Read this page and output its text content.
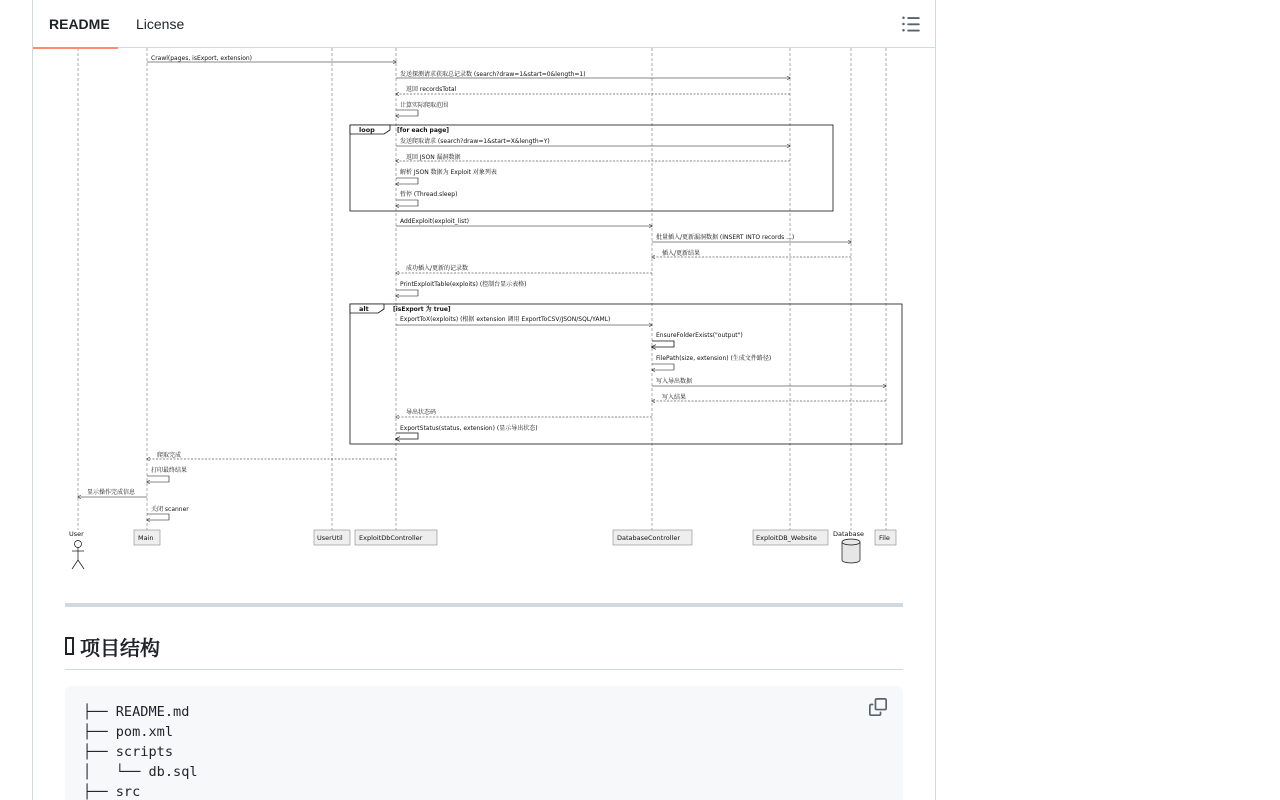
README License
loop	[for each page]
alt	[isExport 为 true]
Crawl(pages, isExport, extension)
发送探测请求获取总记录数 (search?draw=1&start=0&length=1)
返回 recordsTotal
计算实际爬取范围
发送爬取请求 (search?draw=1&start=X&length=Y)
返回 JSON 漏洞数据
解析 JSON 数据为 Exploit 对象列表
暂停 (Thread.sleep)
AddExploit(exploit_list)
批量插入/更新漏洞数据 (INSERT INTO records ...)
插入/更新结果
成功插入/更新的记录数
PrintExploitTable(exploits) (控制台显示表格)
ExportToX(exploits) (根据 extension 调用 ExportToCSV/JSON/SQL/YAML)
EnsureFolderExists("output")
FilePath(size, extension) (生成文件路径)
写入导出数据
写入结果
导出状态码
ExportStatus(status, extension) (显示导出状态)
爬取完成
打印最终结果
显示操作完成信息
关闭 scanner
User	Main	UserUtil	ExploitDbController	DatabaseController	ExploitDB_Website Database File
项目结构
├── README.md
├── pom.xml
├── scripts
│   └── db.sql
├── src
